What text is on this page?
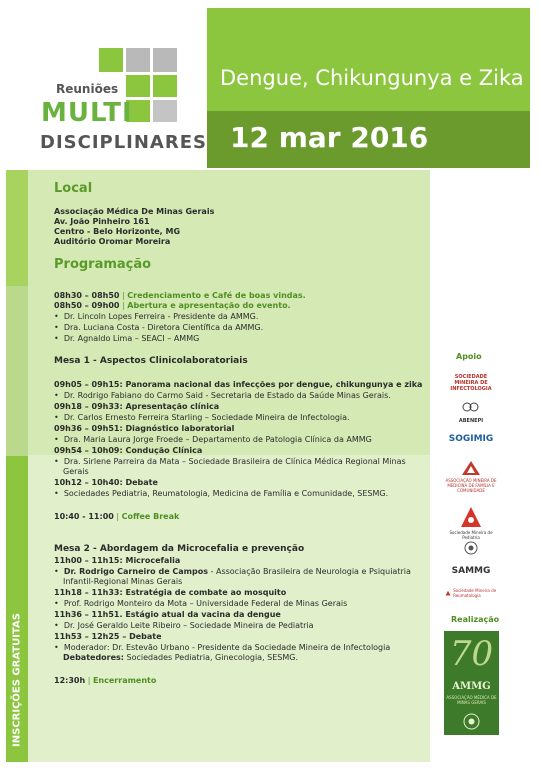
Dengue, Chikungunya e Zika
12 mar 2016
Reuniões
MULTI
DISCIPLINARES
INSCRIÇÕES GRATUITAS
Local
Associação Médica De Minas Gerais
Av. João Pinheiro 161
Centro - Belo Horizonte, MG
Auditório Oromar Moreira
Programação
08h30 – 08h50 | Credenciamento e Café de boas vindas.
08h50 – 09h00 | Abertura e apresentação do evento.
•  Dr. Lincoln Lopes Ferreira - Presidente da AMMG.
•  Dra. Luciana Costa - Diretora Científica da AMMG.
•  Dr. Agnaldo Lima – SEACI – AMMG
Mesa 1 - Aspectos Clinicolaboratoriais
09h05 – 09h15: Panorama nacional das infecções por dengue, chikungunya e zika
•  Dr. Rodrigo Fabiano do Carmo Said - Secretaria de Estado da Saúde Minas Gerais.
09h18 – 09h33: Apresentação clínica
•  Dr. Carlos Ernesto Ferreira Starling – Sociedade Mineira de Infectologia.
09h36 – 09h51: Diagnóstico laboratorial
•  Dra. Maria Laura Jorge Froede – Departamento de Patologia Clínica da AMMG
09h54 – 10h09: Condução Clínica
•  Dra. Sirlene Parreira da Mata – Sociedade Brasileira de Clínica Médica Regional Minas
Gerais
10h12 – 10h40: Debate
•  Sociedades Pediatria, Reumatologia, Medicina de Família e Comunidade, SESMG.
10:40 - 11:00 | Coffee Break
Mesa 2 - Abordagem da Microcefalia e prevenção
11h00 – 11h15: Microcefalia
•  Dr. Rodrigo Carneiro de Campos - Associação Brasileira de Neurologia e Psiquiatria
Infantil-Regional Minas Gerais
11h18 – 11h33: Estratégia de combate ao mosquito
•  Prof. Rodrigo Monteiro da Mota – Universidade Federal de Minas Gerais
11h36 – 11h51. Estágio atual da vacina da dengue
•  Dr. José Geraldo Leite Ribeiro – Sociedade Mineira de Pediatria
11h53 – 12h25 – Debate
•  Moderador: Dr. Estevão Urbano - Presidente da Sociedade Mineira de Infectologia
Debatedores: Sociedades Pediatria, Ginecologia, SESMG.
12:30h | Encerramento
Apoio
SOCIEDADE MINEIRA DE INFECTOLOGIA
ABENEPI
SOGIMIG
ASSOCIAÇÃO MINEIRA DE MEDICINA DE FAMÍLIA E COMUNIDADE
Sociedade Mineira de Pediatria
SAMMG
Sociedade Mineira de Reumatologia
Realização
70
AMMG
ASSOCIAÇÃO MÉDICA DE MINAS GERAIS
